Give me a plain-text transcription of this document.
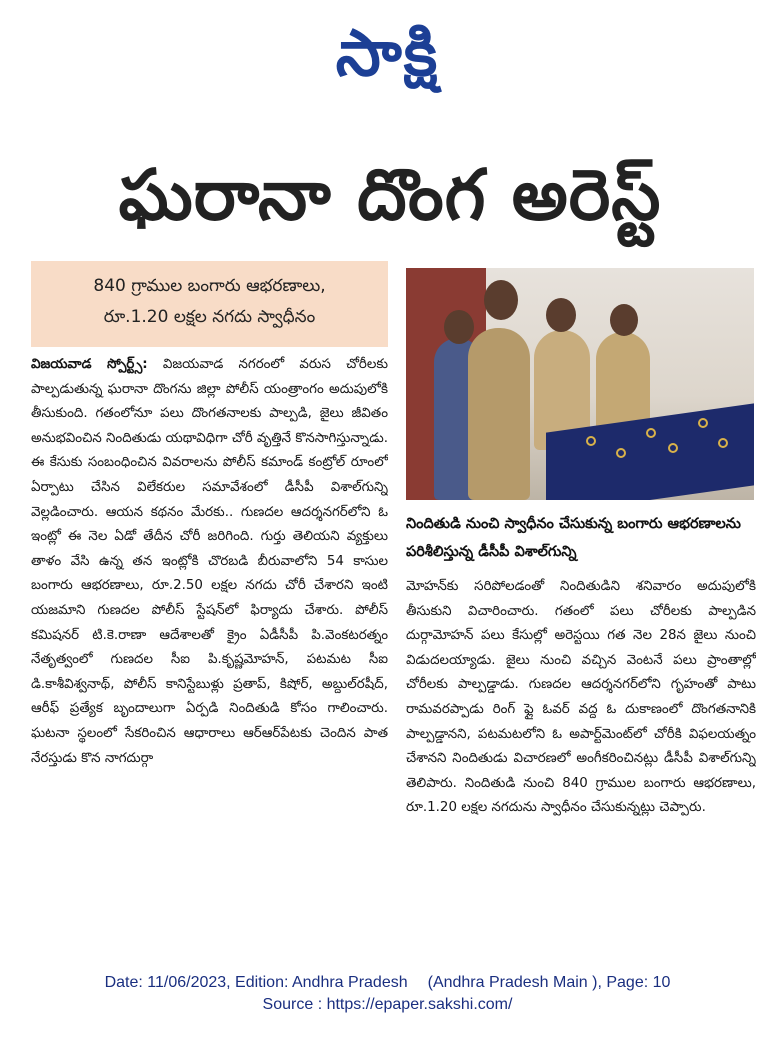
సాక్షి
ఘరానా దొంగ అరెస్ట్
840 గ్రాముల బంగారు ఆభరణాలు,
రూ.1.20 లక్షల నగదు స్వాధీనం

నిందితుడి నుంచి స్వాధీనం చేసుకున్న బంగారు ఆభరణాలను పరిశీలిస్తున్న డీసీపీ విశాల్‌గున్ని

విజయవాడ స్పోర్ట్స్: విజయవాడ నగరంలో వరుస చోరీలకు పాల్పడుతున్న ఘరానా దొంగను జిల్లా పోలీస్ యంత్రాంగం అదుపులోకి తీసుకుంది. గతంలోనూ పలు దొంగతనాలకు పాల్పడి, జైలు జీవితం అనుభవించిన నిందితుడు యథావిధిగా చోరీ వృత్తినే కొనసాగిస్తున్నాడు. ఈ కేసుకు సంబంధించిన వివరాలను పోలీస్ కమాండ్ కంట్రోల్ రూంలో ఏర్పాటు చేసిన విలేకరుల సమావేశంలో డీసీపీ విశాల్‌గున్ని వెల్లడించారు. ఆయన కథనం మేరకు.. గుణదల ఆదర్శనగర్‌లోని ఓ ఇంట్లో ఈ నెల ఏడో తేదీన చోరీ జరిగింది. గుర్తు తెలియని వ్యక్తులు తాళం వేసి ఉన్న తన ఇంట్లోకి చొరబడి బీరువాలోని 54 కాసుల బంగారు ఆభరణాలు, రూ.2.50 లక్షల నగదు చోరీ చేశారని ఇంటి యజమాని గుణదల పోలీస్ స్టేషన్‌లో ఫిర్యాదు చేశారు. పోలీస్ కమిషనర్ టి.కె.రాణా ఆదేశాలతో క్రైం ఏడీసీపీ పి.వెంకటరత్నం నేతృత్వంలో గుణదల సీఐ పి.కృష్ణమోహన్, పటమట సీఐ డి.కాశీవిశ్వనాథ్, పోలీస్ కానిస్టేబుళ్లు ప్రతాప్, కిషోర్, అబ్దుల్‌రషీద్, ఆరీఫ్ ప్రత్యేక బృందాలుగా ఏర్పడి నిందితుడి కోసం గాలించారు. ఘటనా స్థలంలో సేకరించిన ఆధారాలు ఆర్ఆర్‌పేటకు చెందిన పాత నేరస్తుడు కొన నాగదుర్గా
మోహన్‌కు సరిపోలడంతో నిందితుడిని శనివారం అదుపులోకి తీసుకుని విచారించారు. గతంలో పలు చోరీలకు పాల్పడిన దుర్గామోహన్ పలు కేసుల్లో అరెస్టయి గత నెల 28న జైలు నుంచి విడుదలయ్యాడు. జైలు నుంచి వచ్చిన వెంటనే పలు ప్రాంతాల్లో చోరీలకు పాల్పడ్డాడు. గుణదల ఆదర్శనగర్‌లోని గృహంతో పాటు రామవరప్పాడు రింగ్ ఫ్లై ఓవర్ వద్ద ఓ దుకాణంలో దొంగతనానికి పాల్పడ్డానని, పటమటలోని ఓ అపార్ట్‌మెంట్‌లో చోరీకి విఫలయత్నం చేశానని నిందితుడు విచారణలో అంగీకరించినట్లు డీసీపీ విశాల్‌గున్ని తెలిపారు. నిందితుడి నుంచి 840 గ్రాముల బంగారు ఆభరణాలు, రూ.1.20 లక్షల నగదును స్వాధీనం చేసుకున్నట్లు చెప్పారు.
Date: 11/06/2023, Edition: Andhra Pradesh (Andhra Pradesh Main ), Page: 10
Source : https://epaper.sakshi.com/
